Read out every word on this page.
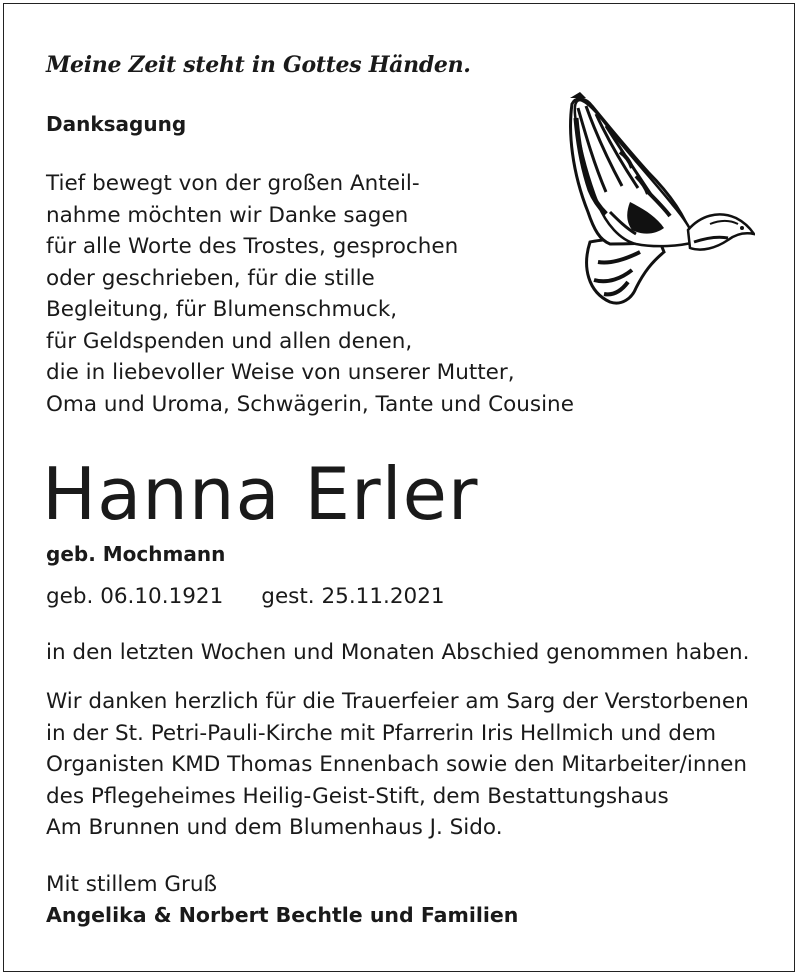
Meine Zeit steht in Gottes Händen.
Danksagung
Tief bewegt von der großen Anteil-
nahme möchten wir Danke sagen
für alle Worte des Trostes, gesprochen
oder geschrieben, für die stille
Begleitung, für Blumenschmuck,
für Geldspenden und allen denen,
die in liebevoller Weise von unserer Mutter,
Oma und Uroma, Schwägerin, Tante und Cousine
Hanna Erler
geb. Mochmann
geb. 06.10.1921 gest. 25.11.2021
in den letzten Wochen und Monaten Abschied genommen haben.
Wir danken herzlich für die Trauerfeier am Sarg der Verstorbenen
in der St. Petri-Pauli-Kirche mit Pfarrerin Iris Hellmich und dem
Organisten KMD Thomas Ennenbach sowie den Mitarbeiter/innen
des Pflegeheimes Heilig-Geist-Stift, dem Bestattungshaus
Am Brunnen und dem Blumenhaus J. Sido.
Mit stillem Gruß
Angelika & Norbert Bechtle und Familien
